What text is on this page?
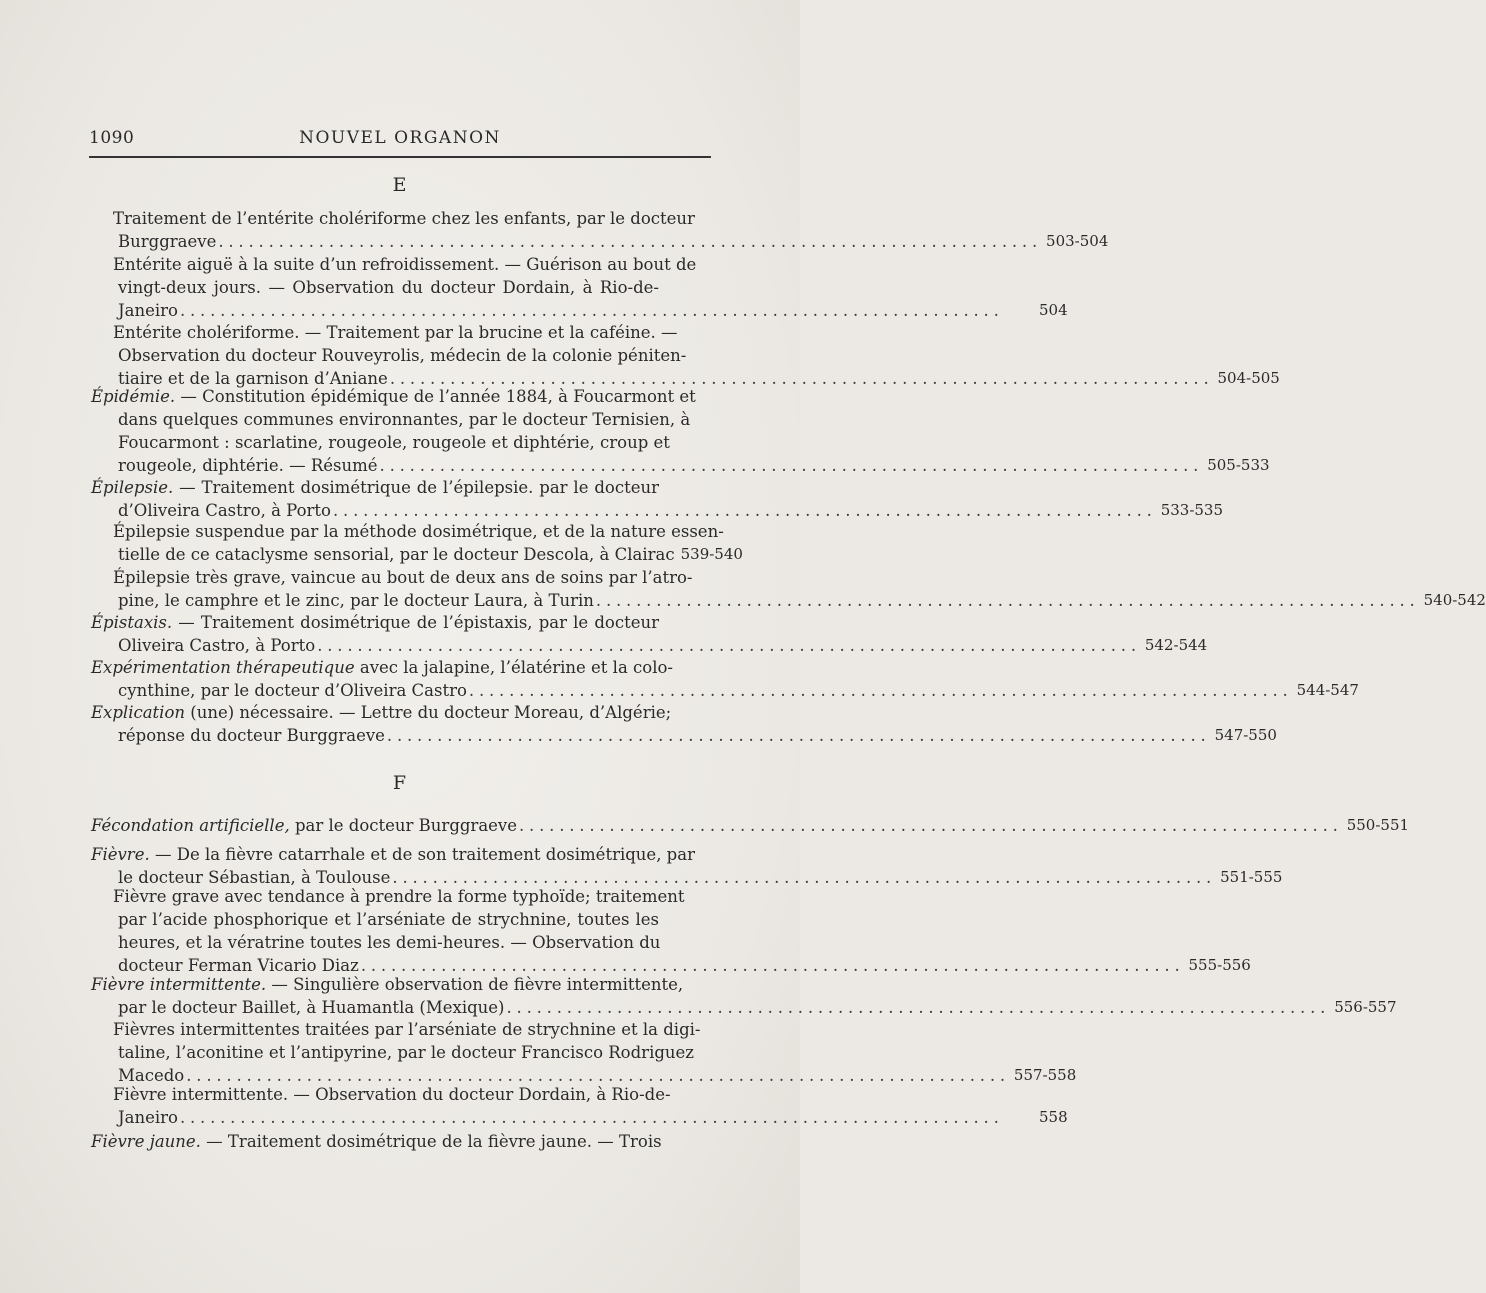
1090	NOUVEL ORGANON
E
Traitement de l’entérite cholériforme chez les enfants, par le docteur
Burggraeve .................................................................................. 503-504
Entérite aiguë à la suite d’un refroidissement. — Guérison au bout de
vingt-deux jours. — Observation du docteur Dordain, à Rio-de-
Janeiro ..................................................................................	504
Entérite cholériforme. — Traitement par la brucine et la caféine. —
Observation du docteur Rouveyrolis, médecin de la colonie péniten-
tiaire et de la garnison d’Aniane .................................................................................. 504-505
Épidémie. — Constitution épidémique de l’année 1884, à Foucarmont et
dans quelques communes environnantes, par le docteur Ternisien, à
Foucarmont : scarlatine, rougeole, rougeole et diphtérie, croup et
rougeole, diphtérie. — Résumé .................................................................................. 505-533
Épilepsie. — Traitement dosimétrique de l’épilepsie. par le docteur
d’Oliveira Castro, à Porto .................................................................................. 533-535
Épilepsie suspendue par la méthode dosimétrique, et de la nature essen-
tielle de ce cataclysme sensorial, par le docteur Descola, à Clairac 539-540
Épilepsie très grave, vaincue au bout de deux ans de soins par l’atro-
pine, le camphre et le zinc, par le docteur Laura, à Turin .................................................................................. 540-542
Épistaxis. — Traitement dosimétrique de l’épistaxis, par le docteur
Oliveira Castro, à Porto .................................................................................. 542-544
Expérimentation thérapeutique avec la jalapine, l’élatérine et la colo-
cynthine, par le docteur d’Oliveira Castro .................................................................................. 544-547
Explication (une) nécessaire. — Lettre du docteur Moreau, d’Algérie;
réponse du docteur Burggraeve .................................................................................. 547-550
F
Fécondation artificielle, par le docteur Burggraeve .................................................................................. 550-551
Fièvre. — De la fièvre catarrhale et de son traitement dosimétrique, par
le docteur Sébastian, à Toulouse .................................................................................. 551-555
Fièvre grave avec tendance à prendre la forme typhoïde; traitement
par l’acide phosphorique et l’arséniate de strychnine, toutes les
heures, et la vératrine toutes les demi-heures. — Observation du
docteur Ferman Vicario Diaz .................................................................................. 555-556
Fièvre intermittente. — Singulière observation de fièvre intermittente,
par le docteur Baillet, à Huamantla (Mexique) .................................................................................. 556-557
Fièvres intermittentes traitées par l’arséniate de strychnine et la digi-
taline, l’aconitine et l’antipyrine, par le docteur Francisco Rodriguez
Macedo .................................................................................. 557-558
Fièvre intermittente. — Observation du docteur Dordain, à Rio-de-
Janeiro ..................................................................................	558
Fièvre jaune. — Traitement dosimétrique de la fièvre jaune. — Trois
